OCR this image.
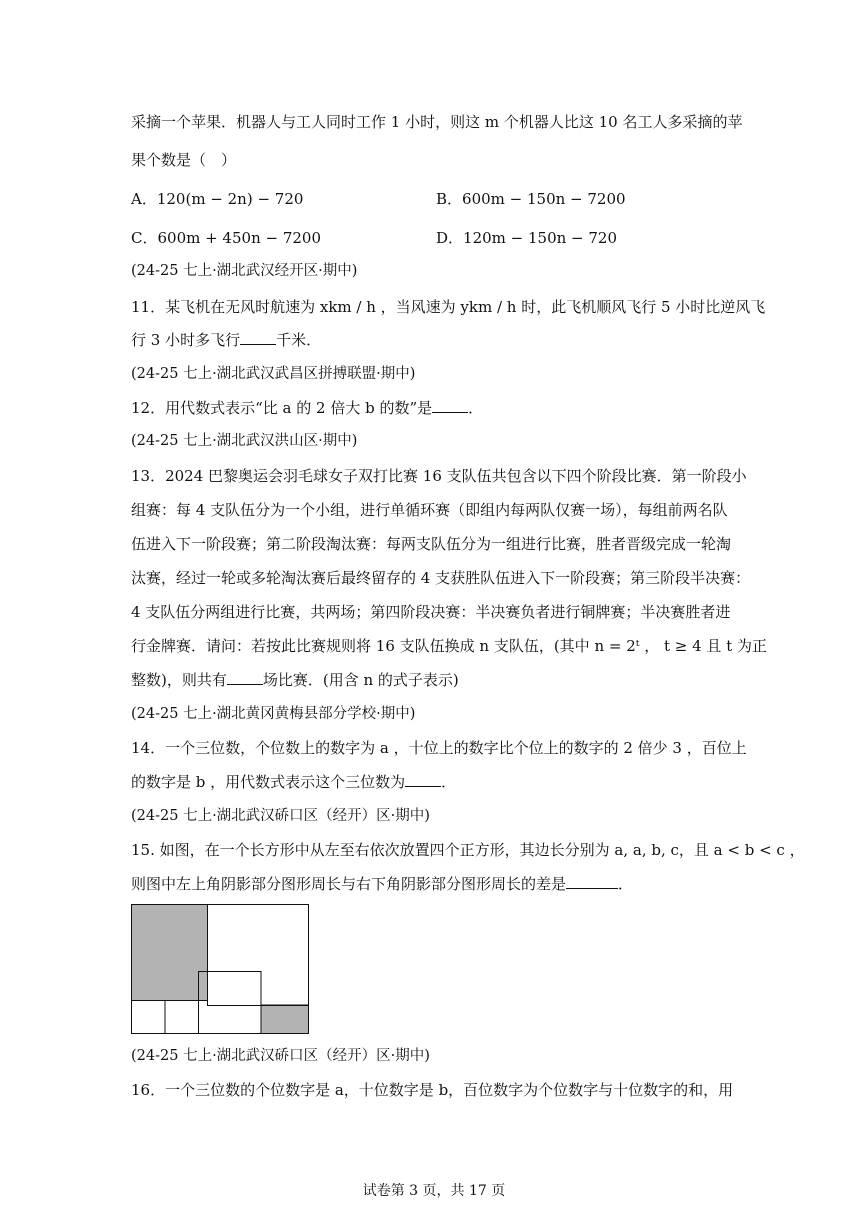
采摘一个苹果．机器人与工人同时工作 1 小时，则这 m 个机器人比这 10 名工人多采摘的苹
果个数是（　）
A．120(m − 2n) − 720	B．600m − 150n − 7200
C．600m + 450n − 7200	D．120m − 150n − 720
(24-25 七上·湖北武汉经开区·期中)
11．某飞机在无风时航速为 xkm / h ，当风速为 ykm / h 时，此飞机顺风飞行 5 小时比逆风飞
行 3 小时多飞行 千米．
(24-25 七上·湖北武汉武昌区拼搏联盟·期中)
12．用代数式表示“比 a 的 2 倍大 b 的数”是 ．
(24-25 七上·湖北武汉洪山区·期中)
13．2024 巴黎奥运会羽毛球女子双打比赛 16 支队伍共包含以下四个阶段比赛．第一阶段小
组赛：每 4 支队伍分为一个小组，进行单循环赛（即组内每两队仅赛一场），每组前两名队
伍进入下一阶段赛；第二阶段淘汰赛：每两支队伍分为一组进行比赛，胜者晋级完成一轮淘
汰赛，经过一轮或多轮淘汰赛后最终留存的 4 支获胜队伍进入下一阶段赛；第三阶段半决赛：
4 支队伍分两组进行比赛，共两场；第四阶段决赛：半决赛负者进行铜牌赛；半决赛胜者进
行金牌赛．请问：若按此比赛规则将 16 支队伍换成 n 支队伍，(其中 n = 2ᵗ ， t ≥ 4 且 t 为正
整数)，则共有 场比赛．(用含 n 的式子表示)
(24-25 七上·湖北黄冈黄梅县部分学校·期中)
14．一个三位数，个位数上的数字为 a ，十位上的数字比个位上的数字的 2 倍少 3 ，百位上
的数字是 b ，用代数式表示这个三位数为 ．
(24-25 七上·湖北武汉硚口区（经开）区·期中)
15. 如图，在一个长方形中从左至右依次放置四个正方形，其边长分别为 a, a, b, c，且 a < b < c ，
则图中左上角阴影部分图形周长与右下角阴影部分图形周长的差是	．
(24-25 七上·湖北武汉硚口区（经开）区·期中)
16．一个三位数的个位数字是 a，十位数字是 b，百位数字为个位数字与十位数字的和，用
试卷第 3 页，共 17 页
